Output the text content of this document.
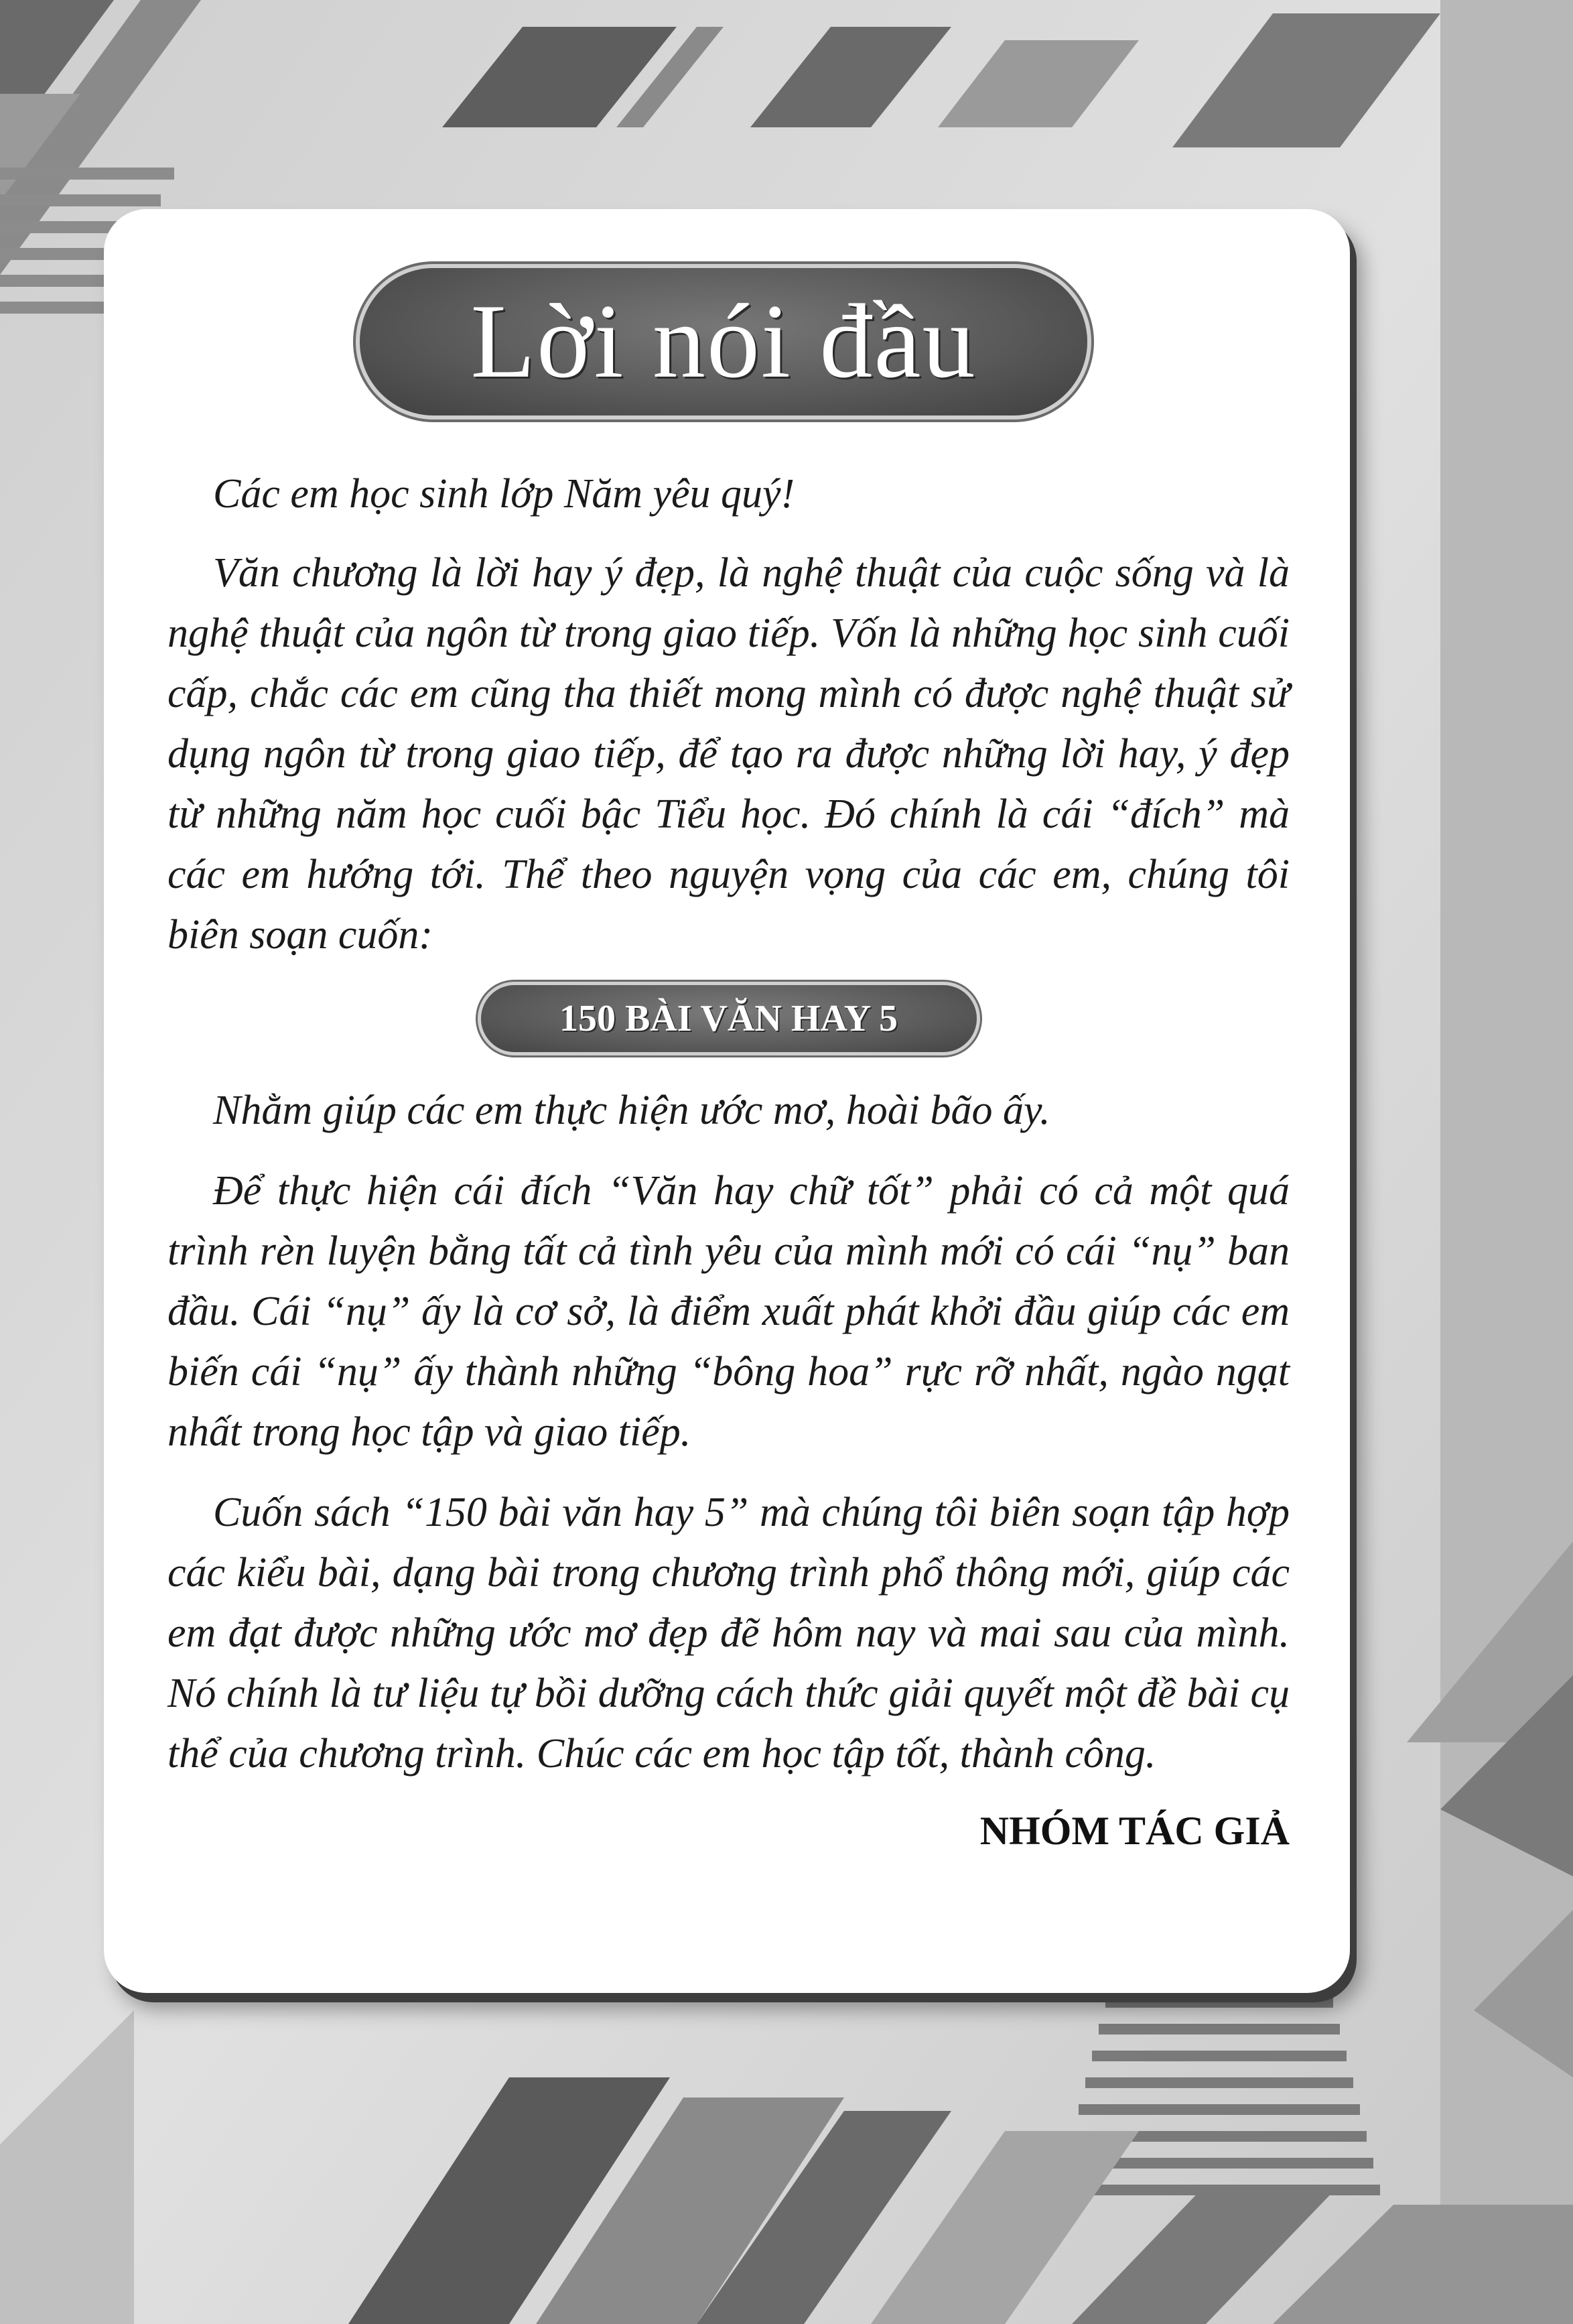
Lời nói đầu

Các em học sinh lớp Năm yêu quý!

Văn chương là lời hay ý đẹp, là nghệ thuật của cuộc sống và là nghệ thuật của ngôn từ trong giao tiếp. Vốn là những học sinh cuối cấp, chắc các em cũng tha thiết mong mình có được nghệ thuật sử dụng ngôn từ trong giao tiếp, để tạo ra được những lời hay, ý đẹp từ những năm học cuối bậc Tiểu học. Đó chính là cái “đích” mà các em hướng tới. Thể theo nguyện vọng của các em, chúng tôi biên soạn cuốn:

150 BÀI VĂN HAY 5

Nhằm giúp các em thực hiện ước mơ, hoài bão ấy.

Để thực hiện cái đích “Văn hay chữ tốt” phải có cả một quá trình rèn luyện bằng tất cả tình yêu của mình mới có cái “nụ” ban đầu. Cái “nụ” ấy là cơ sở, là điểm xuất phát khởi đầu giúp các em biến cái “nụ” ấy thành những “bông hoa” rực rỡ nhất, ngào ngạt nhất trong học tập và giao tiếp.

Cuốn sách “150 bài văn hay 5” mà chúng tôi biên soạn tập hợp các kiểu bài, dạng bài trong chương trình phổ thông mới, giúp các em đạt được những ước mơ đẹp đẽ hôm nay và mai sau của mình. Nó chính là tư liệu tự bồi dưỡng cách thức giải quyết một đề bài cụ thể của chương trình. Chúc các em học tập tốt, thành công.

NHÓM TÁC GIẢ
